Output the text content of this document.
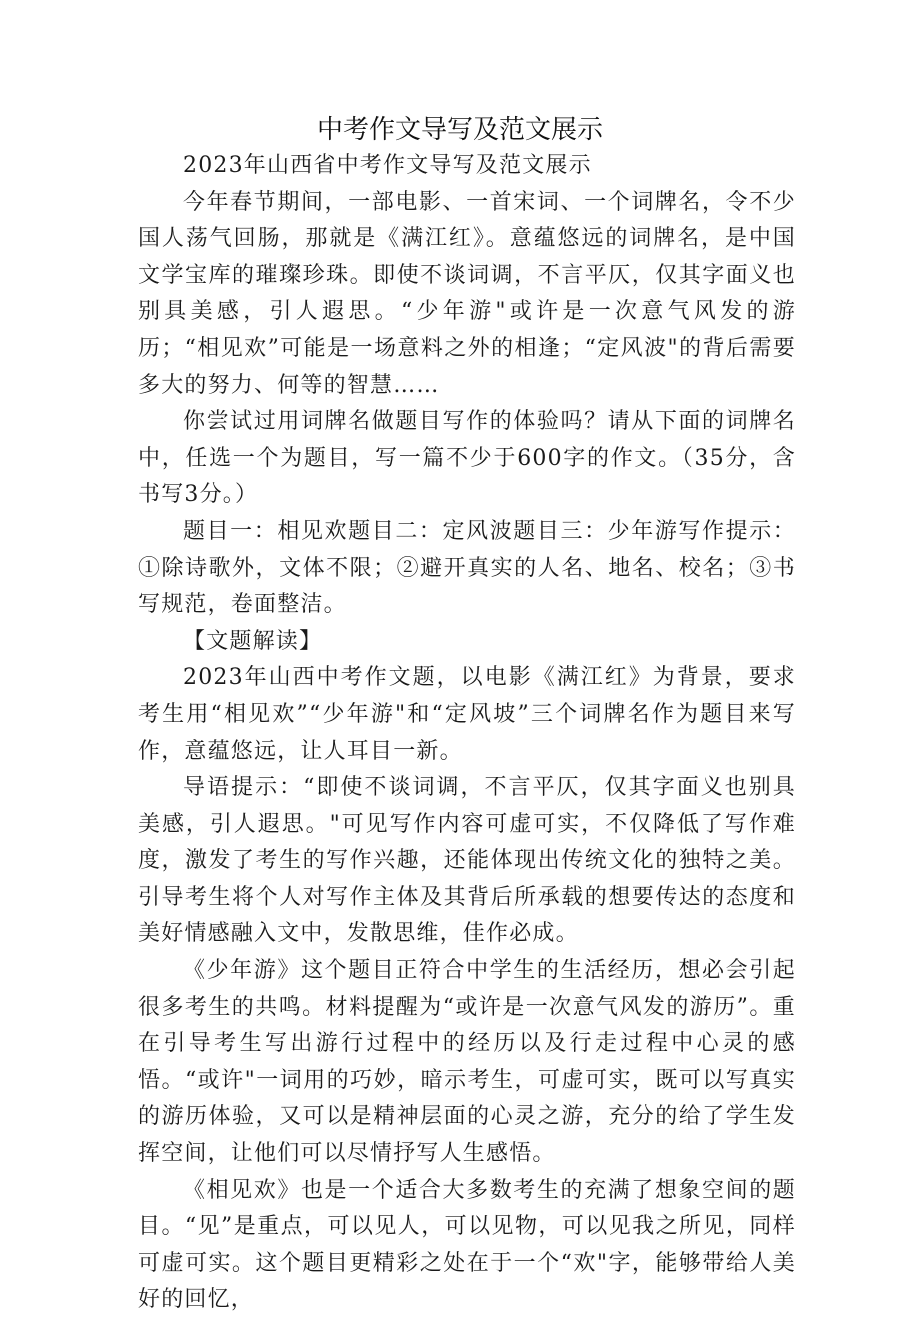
中考作文导写及范文展示

2023年山西省中考作文导写及范文展示

今年春节期间，一部电影、一首宋词、一个词牌名，令不少国人荡气回肠，那就是《满江红》。意蕴悠远的词牌名，是中国文学宝库的璀璨珍珠。即使不谈词调，不言平仄，仅其字面义也别具美感，引人遐思。“少年游"或许是一次意气风发的游历；“相见欢”可能是一场意料之外的相逢；“定风波"的背后需要多大的努力、何等的智慧……

你尝试过用词牌名做题目写作的体验吗？请从下面的词牌名中，任选一个为题目，写一篇不少于600字的作文。（35分，含书写3分。）

题目一：相见欢题目二：定风波题目三：少年游写作提示：①除诗歌外，文体不限；②避开真实的人名、地名、校名；③书写规范，卷面整洁。

【文题解读】

2023年山西中考作文题，以电影《满江红》为背景，要求考生用“相见欢”“少年游"和“定风坡”三个词牌名作为题目来写作，意蕴悠远，让人耳目一新。

导语提示：“即使不谈词调，不言平仄，仅其字面义也别具美感，引人遐思。"可见写作内容可虚可实，不仅降低了写作难度，激发了考生的写作兴趣，还能体现出传统文化的独特之美。引导考生将个人对写作主体及其背后所承载的想要传达的态度和美好情感融入文中，发散思维，佳作必成。

《少年游》这个题目正符合中学生的生活经历，想必会引起很多考生的共鸣。材料提醒为“或许是一次意气风发的游历”。重在引导考生写出游行过程中的经历以及行走过程中心灵的感悟。“或许"一词用的巧妙，暗示考生，可虚可实，既可以写真实的游历体验，又可以是精神层面的心灵之游，充分的给了学生发挥空间，让他们可以尽情抒写人生感悟。

《相见欢》也是一个适合大多数考生的充满了想象空间的题目。“见”是重点，可以见人，可以见物，可以见我之所见，同样可虚可实。这个题目更精彩之处在于一个“欢"字，能够带给人美好的回忆，
